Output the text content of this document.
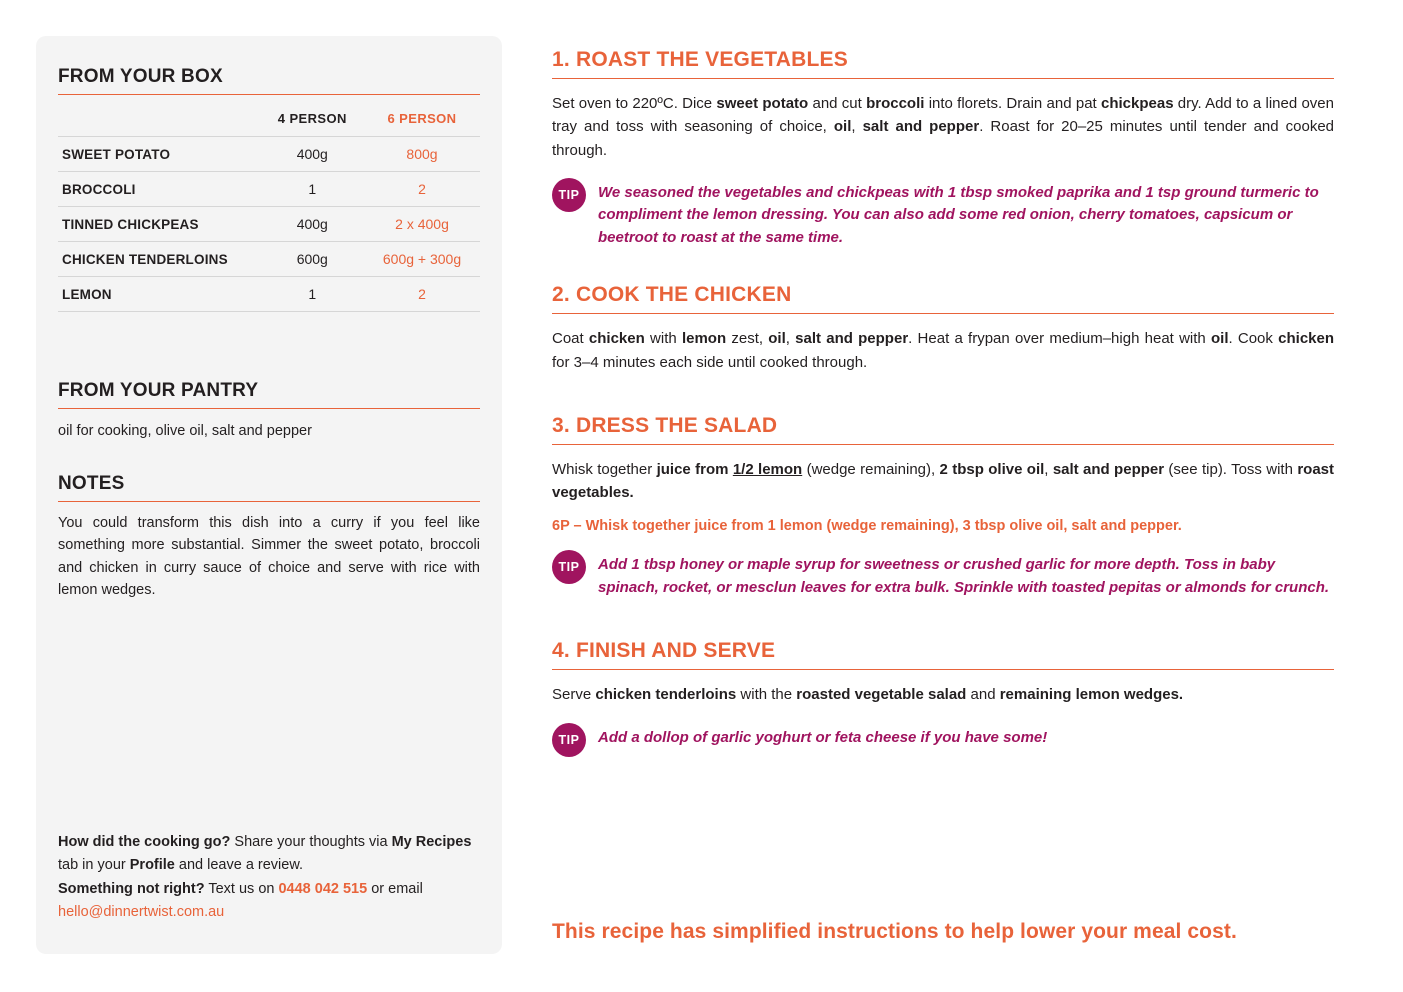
FROM YOUR BOX
	4 PERSON	6 PERSON
SWEET POTATO	400g	800g
BROCCOLI	1	2
TINNED CHICKPEAS	400g	2 x 400g
CHICKEN TENDERLOINS	600g	600g + 300g
LEMON	1	2

FROM YOUR PANTRY

oil for cooking, olive oil, salt and pepper

NOTES

You could transform this dish into a curry if you feel like something more substantial. Simmer the sweet potato, broccoli and chicken in curry sauce of choice and serve with rice with lemon wedges.

How did the cooking go? Share your thoughts via My Recipes tab in your Profile and leave a review.
Something not right? Text us on 0448 042 515 or email hello@dinnertwist.com.au
1. ROAST THE VEGETABLES

Set oven to 220ºC. Dice sweet potato and cut broccoli into florets. Drain and pat chickpeas dry. Add to a lined oven tray and toss with seasoning of choice, oil, salt and pepper. Roast for 20–25 minutes until tender and cooked through.

TIP	We seasoned the vegetables and chickpeas with 1 tbsp smoked paprika and 1 tsp ground turmeric to compliment the lemon dressing. You can also add some red onion, cherry tomatoes, capsicum or beetroot to roast at the same time.
2. COOK THE CHICKEN

Coat chicken with lemon zest, oil, salt and pepper. Heat a frypan over medium–high heat with oil. Cook chicken for 3–4 minutes each side until cooked through.

3. DRESS THE SALAD

Whisk together juice from 1/2 lemon (wedge remaining), 2 tbsp olive oil, salt and pepper (see tip). Toss with roast vegetables.

6P – Whisk together juice from 1 lemon (wedge remaining), 3 tbsp olive oil, salt and pepper.
TIP	Add 1 tbsp honey or maple syrup for sweetness or crushed garlic for more depth. Toss in baby spinach, rocket, or mesclun leaves for extra bulk. Sprinkle with toasted pepitas or almonds for crunch.
4. FINISH AND SERVE

Serve chicken tenderloins with the roasted vegetable salad and remaining lemon wedges.

TIP	Add a dollop of garlic yoghurt or feta cheese if you have some!
This recipe has simplified instructions to help lower your meal cost.
